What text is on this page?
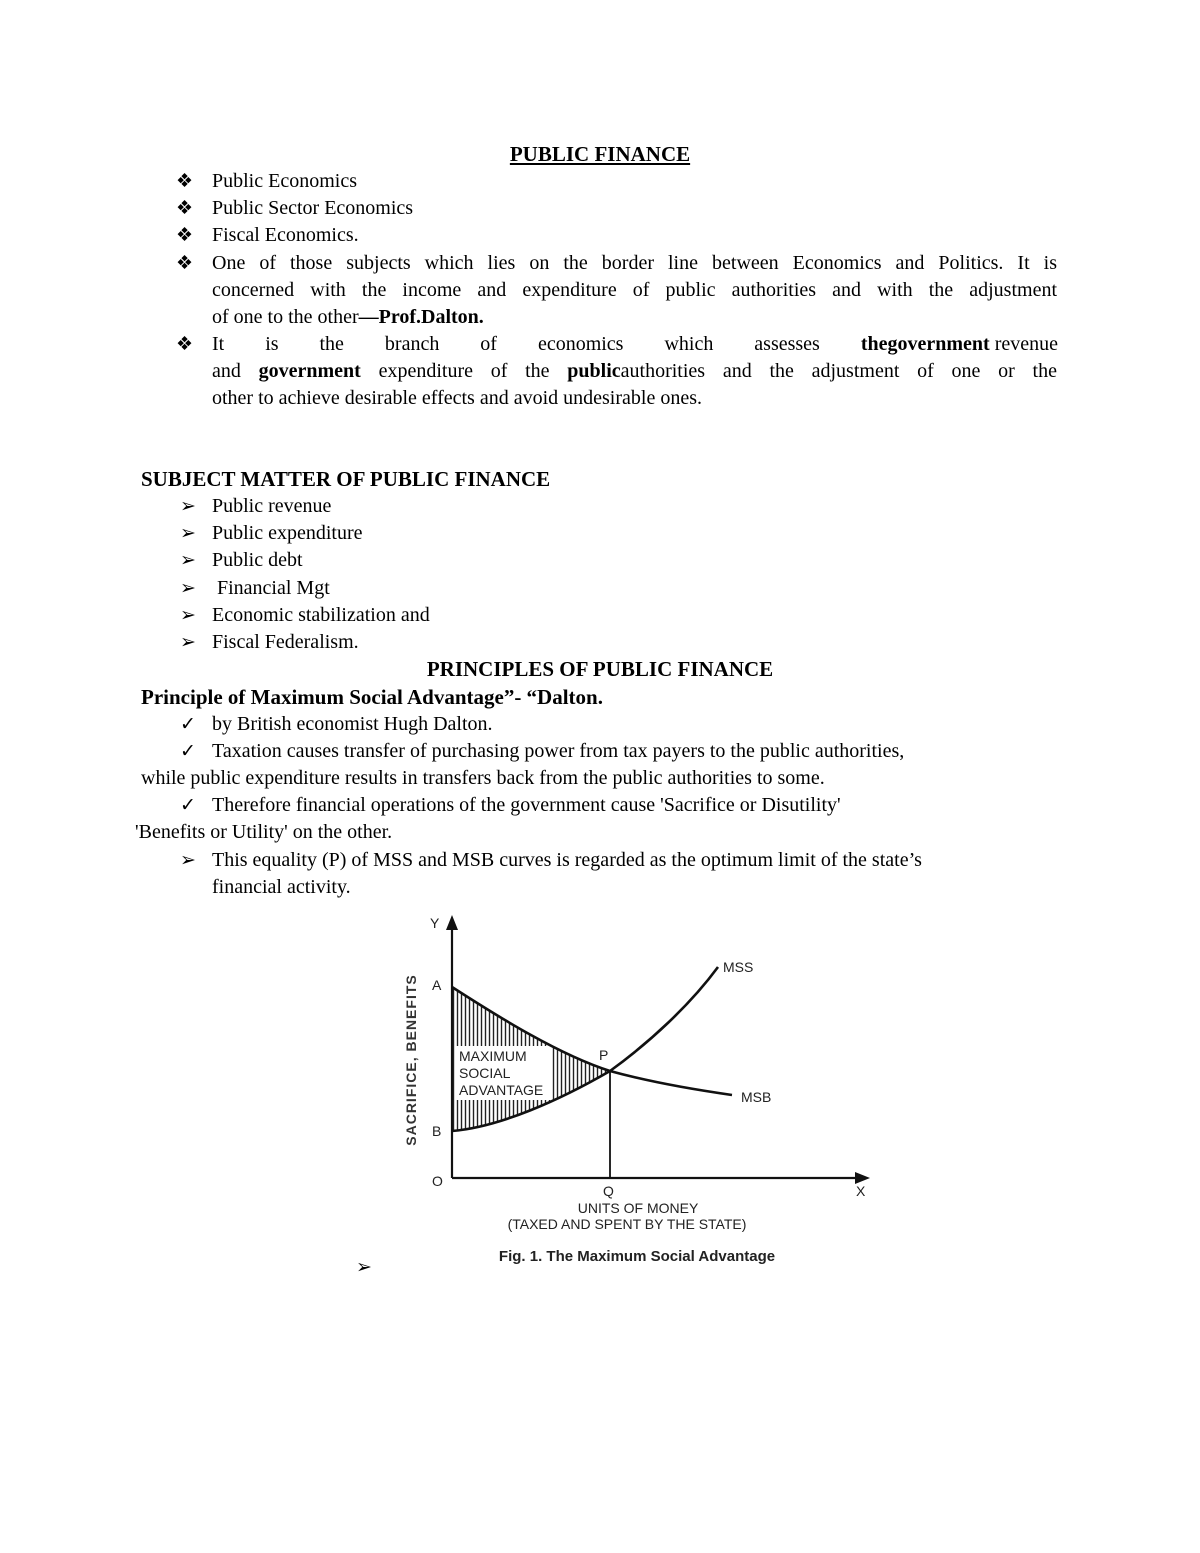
PUBLIC FINANCE
❖ Public Economics
❖ Public Sector Economics
❖ Fiscal Economics.
❖ One of those subjects which lies on the border line between Economics and Politics. It is
concerned with the income and expenditure of public authorities and with the adjustment
of one to the other—Prof.Dalton.
❖ It is the branch of economics which assesses thegovernment revenue
and government expenditure of the publicauthorities and the adjustment of one or the
other to achieve desirable effects and avoid undesirable ones.
SUBJECT MATTER OF PUBLIC FINANCE
➢ Public revenue
➢ Public expenditure
➢ Public debt
➢ Financial Mgt
➢ Economic stabilization and
➢ Fiscal Federalism.
PRINCIPLES OF PUBLIC FINANCE
Principle of Maximum Social Advantage”- “Dalton.
✓ by British economist Hugh Dalton.
✓ Taxation causes transfer of purchasing power from tax payers to the public authorities,
while public expenditure results in transfers back from the public authorities to some.
✓ Therefore financial operations of the government cause 'Sacrifice or Disutility'
'Benefits or Utility' on the other.
➢ This equality (P) of MSS and MSB curves is regarded as the optimum limit of the state’s
financial activity.
➢
Y
X
O
A
B
P
Q
MSS
MSB
SACRIFICE, BENEFITS	MAXIMUM
SOCIAL
ADVANTAGE
UNITS OF MONEY
(TAXED AND SPENT BY THE STATE)
Fig. 1. The Maximum Social Advantage
